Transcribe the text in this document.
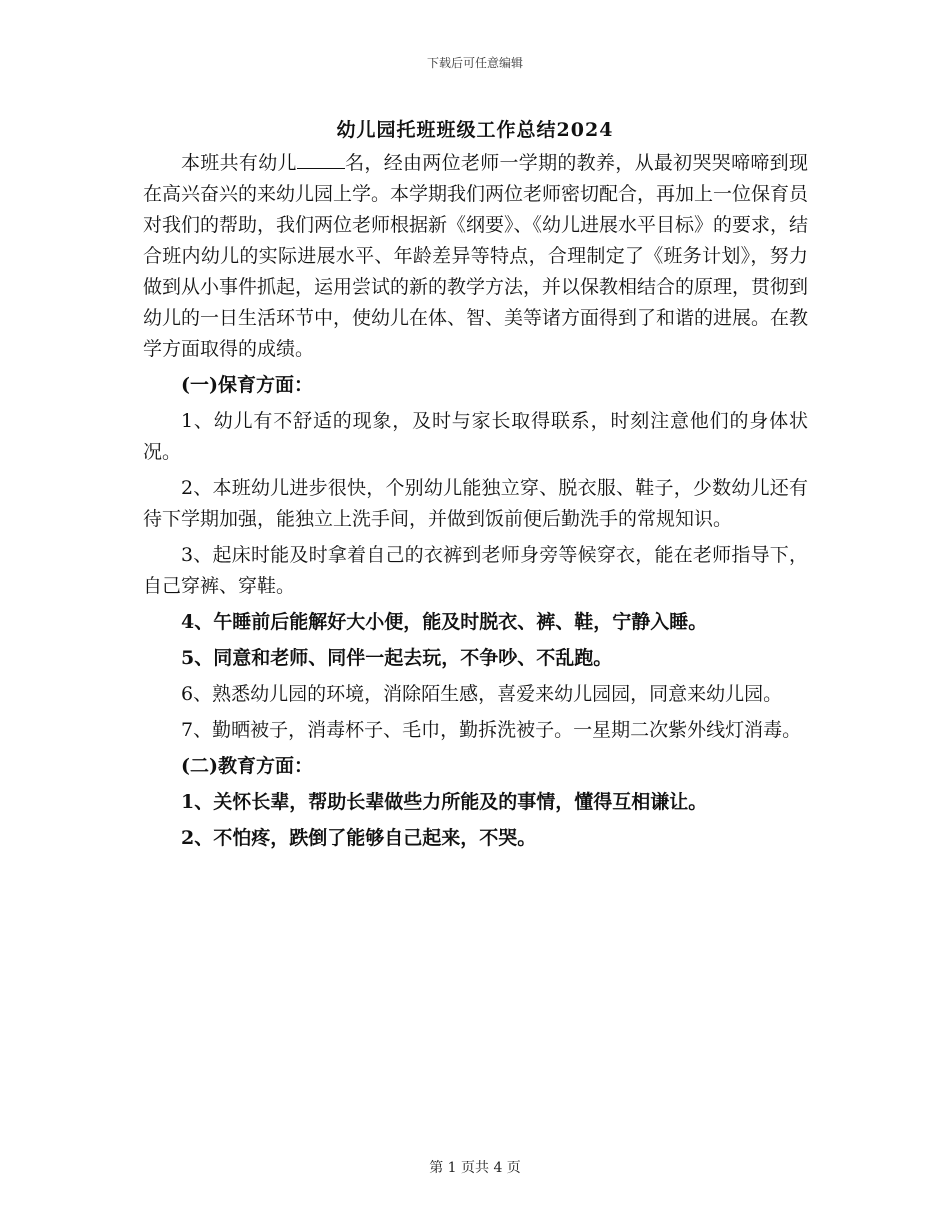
下载后可任意编辑
幼儿园托班班级工作总结2024

本班共有幼儿	名，经由两位老师一学期的教养，从最初哭哭啼啼到现在高兴奋兴的来幼儿园上学。本学期我们两位老师密切配合，再加上一位保育员对我们的帮助，我们两位老师根据新《纲要》、《幼儿进展水平目标》的要求，结合班内幼儿的实际进展水平、年龄差异等特点，合理制定了《班务计划》，努力做到从小事件抓起，运用尝试的新的教学方法，并以保教相结合的原理，贯彻到幼儿的一日生活环节中，使幼儿在体、智、美等诸方面得到了和谐的进展。在教学方面取得的成绩。

(一)保育方面：

1、幼儿有不舒适的现象，及时与家长取得联系，时刻注意他们的身体状况。

2、本班幼儿进步很快，个别幼儿能独立穿、脱衣服、鞋子，少数幼儿还有待下学期加强，能独立上洗手间，并做到饭前便后勤洗手的常规知识。

3、起床时能及时拿着自己的衣裤到老师身旁等候穿衣，能在老师指导下，自己穿裤、穿鞋。

4、午睡前后能解好大小便，能及时脱衣、裤、鞋，宁静入睡。

5、同意和老师、同伴一起去玩，不争吵、不乱跑。

6、熟悉幼儿园的环境，消除陌生感，喜爱来幼儿园园，同意来幼儿园。

7、勤晒被子，消毒杯子、毛巾，勤拆洗被子。一星期二次紫外线灯消毒。

(二)教育方面：

1、关怀长辈，帮助长辈做些力所能及的事情，懂得互相谦让。

2、不怕疼，跌倒了能够自己起来，不哭。

第 1 页共 4 页
